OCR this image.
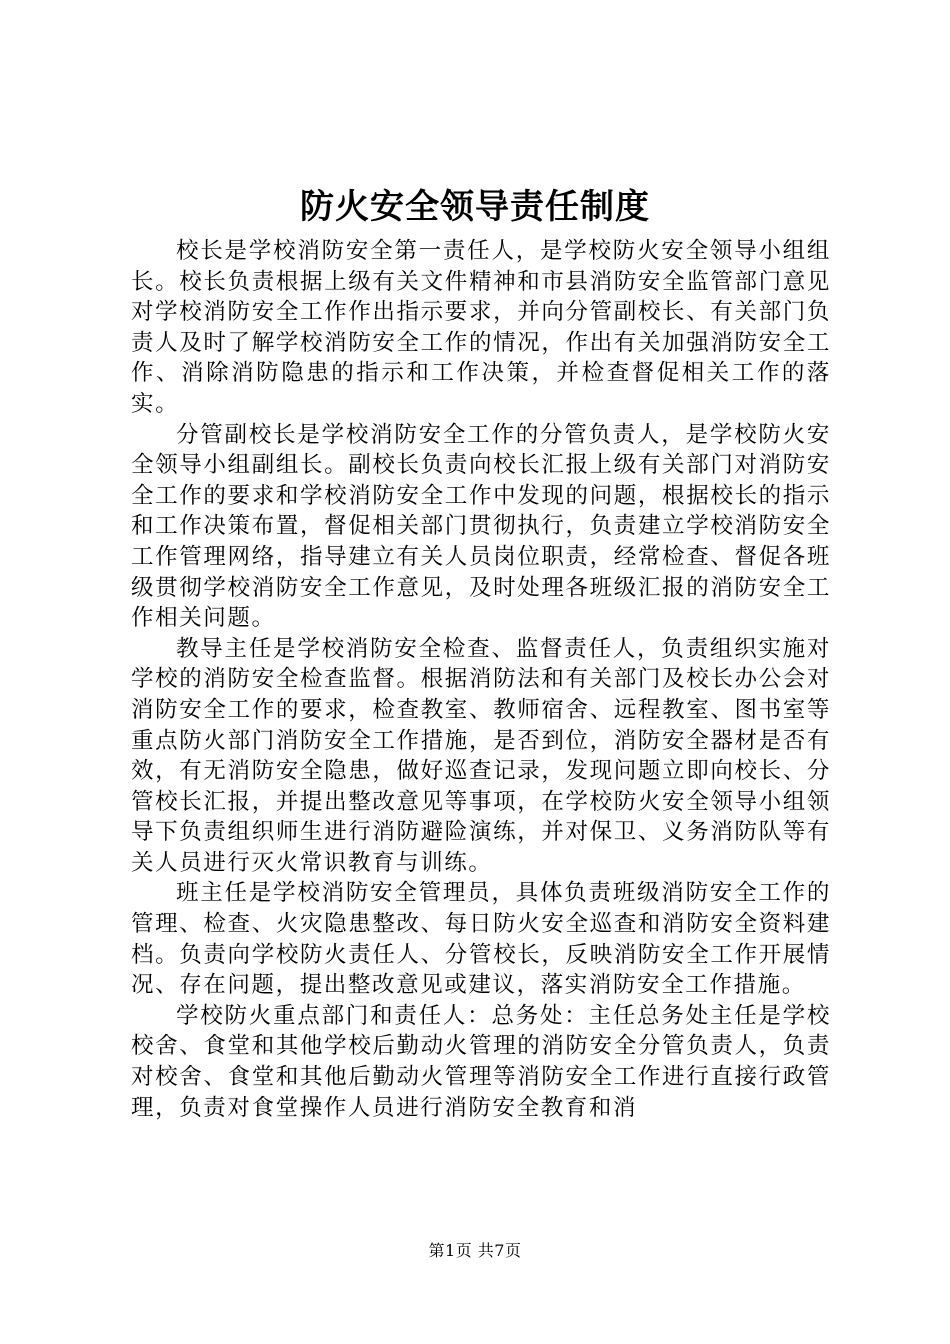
防火安全领导责任制度

校长是学校消防安全第一责任人，是学校防火安全领导小组组长。校长负责根据上级有关文件精神和市县消防安全监管部门意见对学校消防安全工作作出指示要求，并向分管副校长、有关部门负责人及时了解学校消防安全工作的情况，作出有关加强消防安全工作、消除消防隐患的指示和工作决策，并检查督促相关工作的落实。

分管副校长是学校消防安全工作的分管负责人，是学校防火安全领导小组副组长。副校长负责向校长汇报上级有关部门对消防安全工作的要求和学校消防安全工作中发现的问题，根据校长的指示和工作决策布置，督促相关部门贯彻执行，负责建立学校消防安全工作管理网络，指导建立有关人员岗位职责，经常检查、督促各班级贯彻学校消防安全工作意见，及时处理各班级汇报的消防安全工作相关问题。

教导主任是学校消防安全检查、监督责任人，负责组织实施对学校的消防安全检查监督。根据消防法和有关部门及校长办公会对消防安全工作的要求，检查教室、教师宿舍、远程教室、图书室等重点防火部门消防安全工作措施，是否到位，消防安全器材是否有效，有无消防安全隐患，做好巡查记录，发现问题立即向校长、分管校长汇报，并提出整改意见等事项，在学校防火安全领导小组领导下负责组织师生进行消防避险演练，并对保卫、义务消防队等有关人员进行灭火常识教育与训练。

班主任是学校消防安全管理员，具体负责班级消防安全工作的管理、检查、火灾隐患整改、每日防火安全巡查和消防安全资料建档。负责向学校防火责任人、分管校长，反映消防安全工作开展情况、存在问题，提出整改意见或建议，落实消防安全工作措施。

学校防火重点部门和责任人：总务处：主任总务处主任是学校校舍、食堂和其他学校后勤动火管理的消防安全分管负责人，负责对校舍、食堂和其他后勤动火管理等消防安全工作进行直接行政管理，负责对食堂操作人员进行消防安全教育和消

第1页 共7页
